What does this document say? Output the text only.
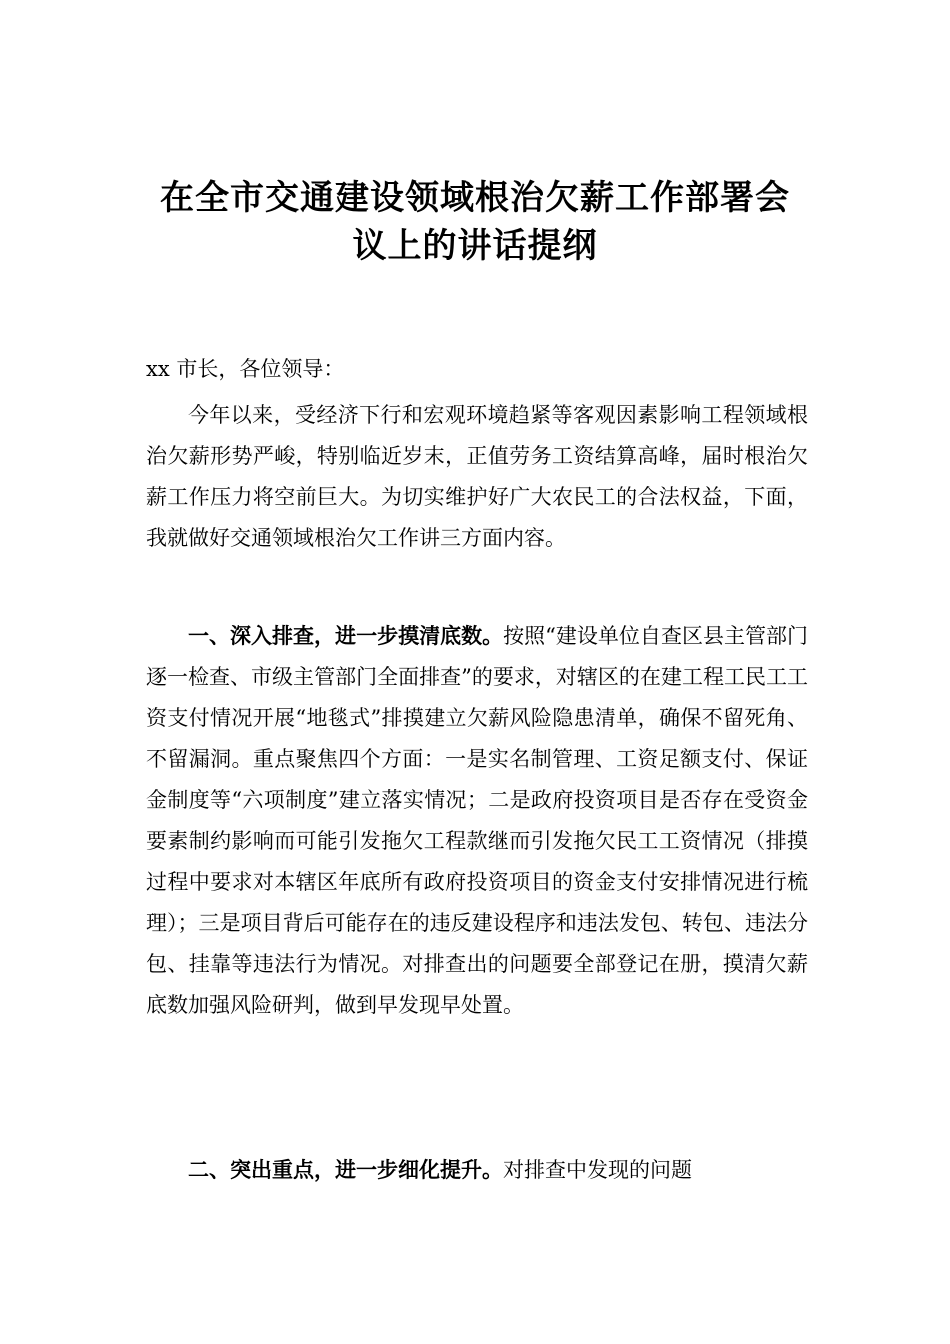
在全市交通建设领域根治欠薪工作部署会
议上的讲话提纲
xx 市长，各位领导：

今年以来，受经济下行和宏观环境趋紧等客观因素影响工程领域根治欠薪形势严峻，特别临近岁末，正值劳务工资结算高峰，届时根治欠薪工作压力将空前巨大。为切实维护好广大农民工的合法权益，下面，我就做好交通领域根治欠工作讲三方面内容。

一、深入排查，进一步摸清底数。按照“建设单位自查区县主管部门逐一检查、市级主管部门全面排查”的要求，对辖区的在建工程工民工工资支付情况开展“地毯式”排摸建立欠薪风险隐患清单，确保不留死角、不留漏洞。重点聚焦四个方面：一是实名制管理、工资足额支付、保证金制度等“六项制度”建立落实情况；二是政府投资项目是否存在受资金要素制约影响而可能引发拖欠工程款继而引发拖欠民工工资情况（排摸过程中要求对本辖区年底所有政府投资项目的资金支付安排情况进行梳理）；三是项目背后可能存在的违反建设程序和违法发包、转包、违法分包、挂靠等违法行为情况。对排查出的问题要全部登记在册，摸清欠薪底数加强风险研判，做到早发现早处置。

二、突出重点，进一步细化提升。对排查中发现的问题
